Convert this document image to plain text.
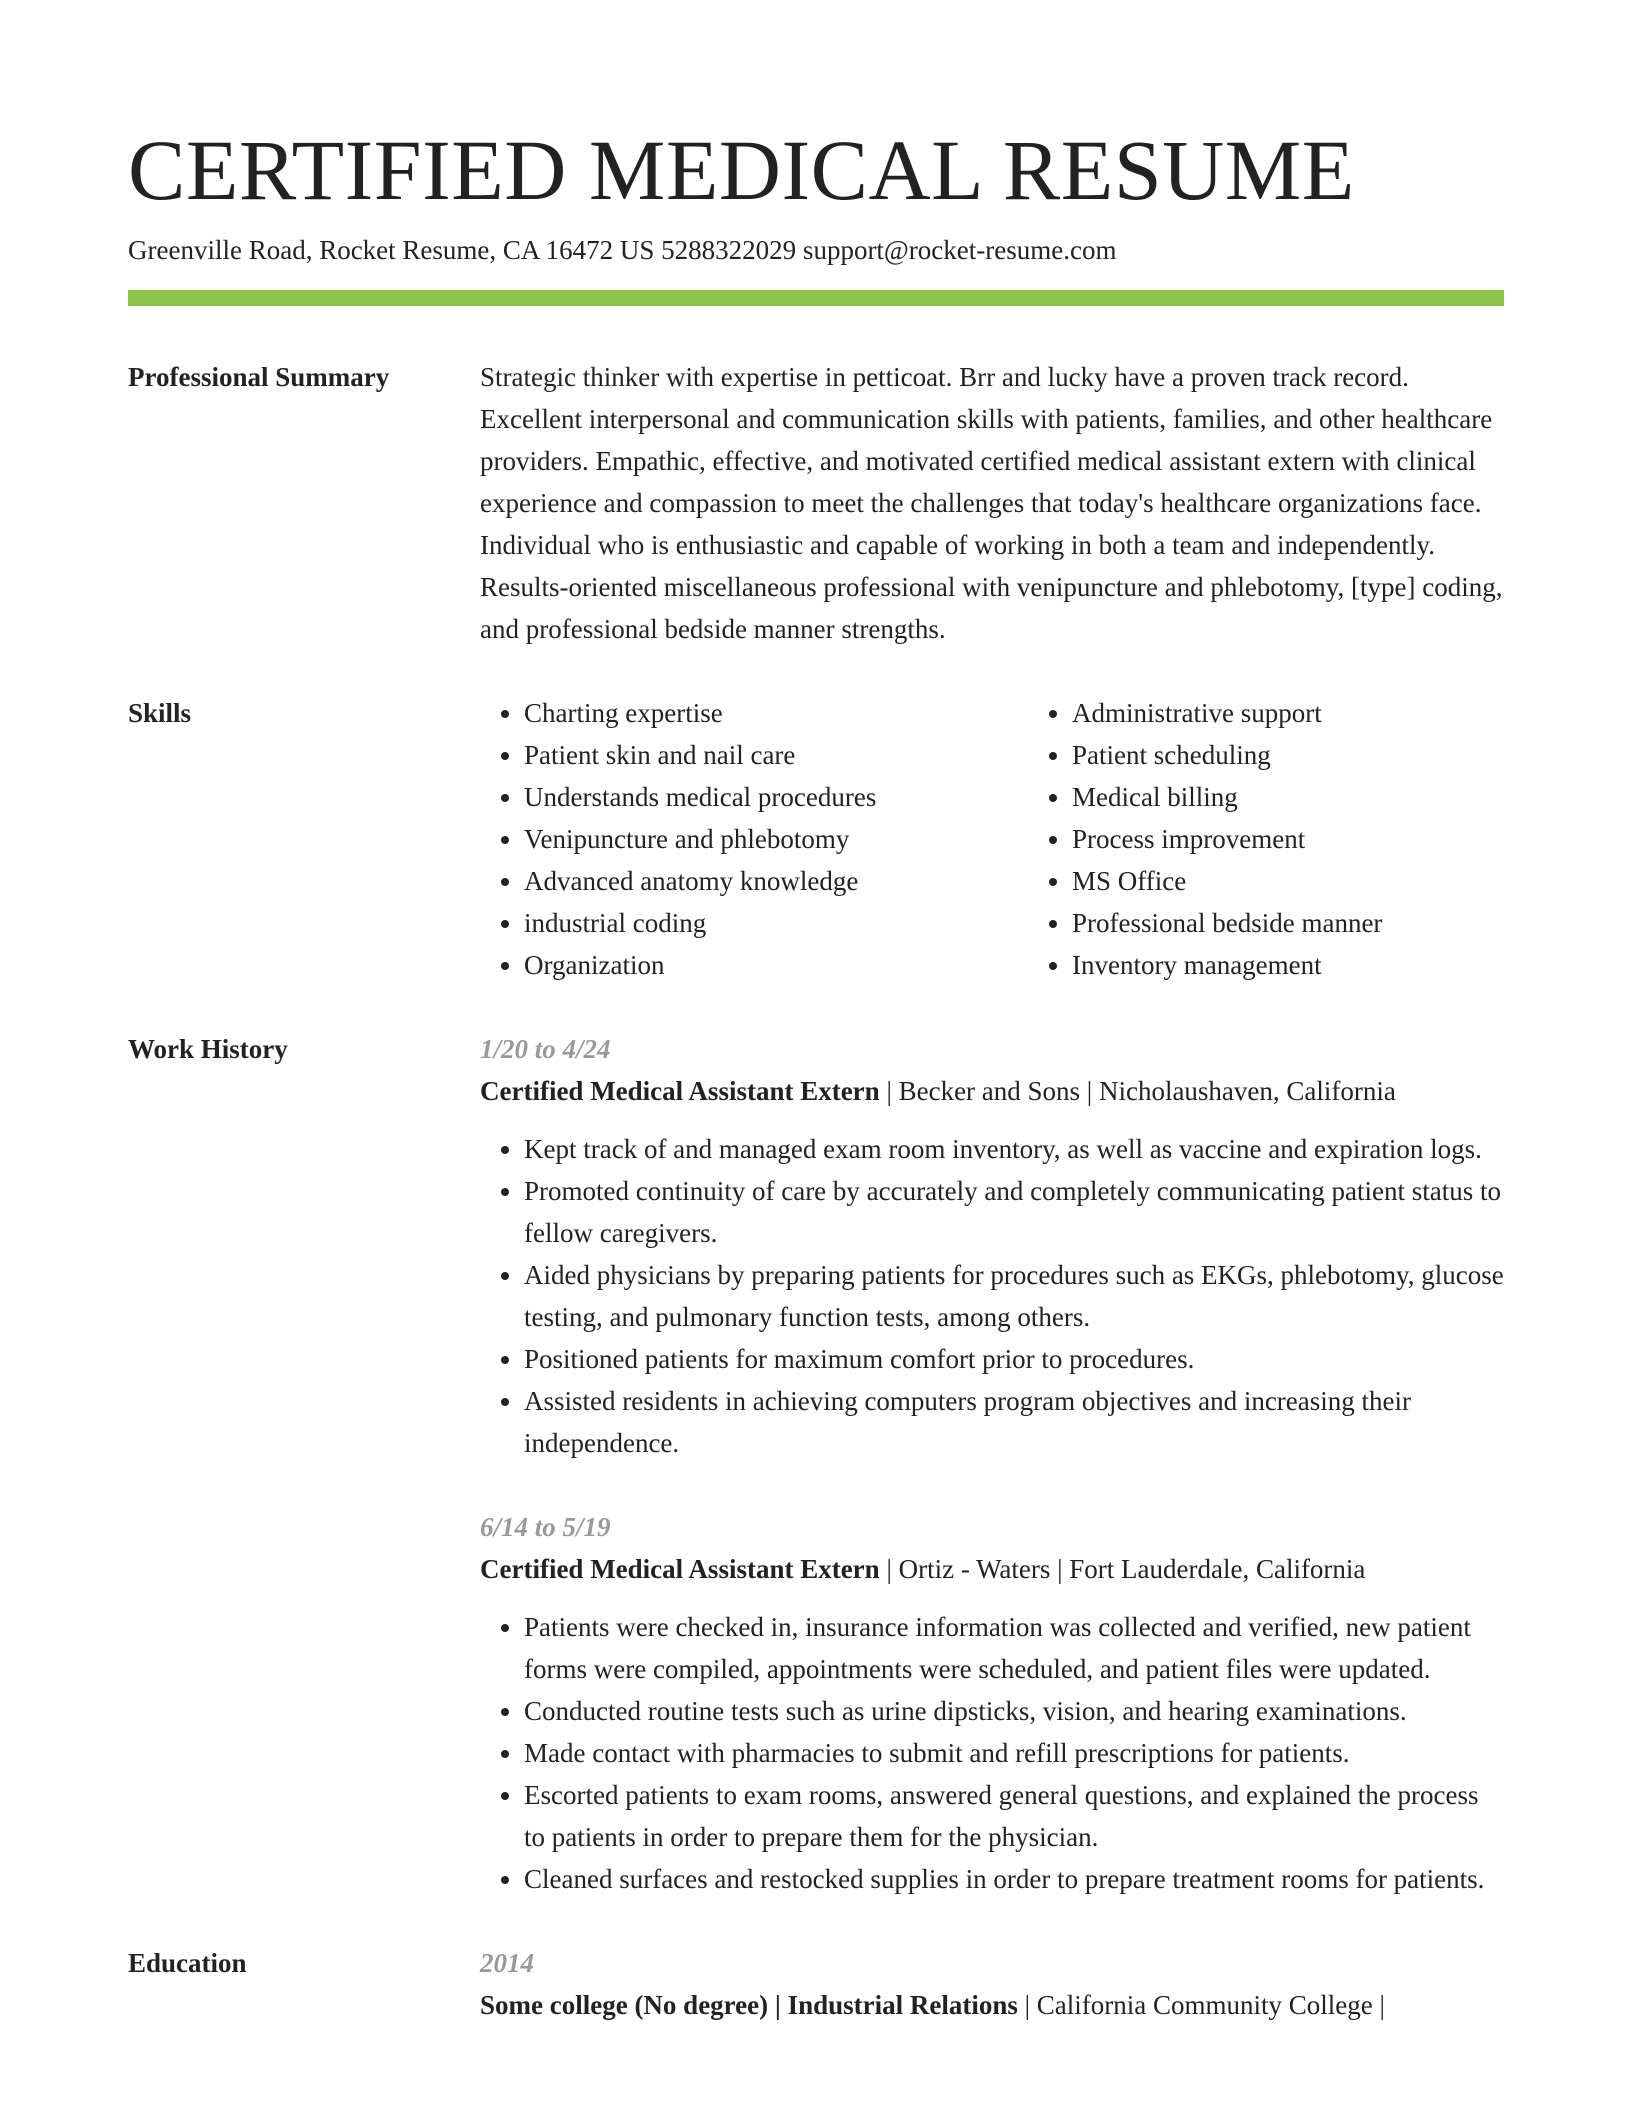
CERTIFIED MEDICAL RESUME
Greenville Road, Rocket Resume, CA 16472 US 5288322029 support@rocket-resume.com
Professional Summary	Strategic thinker with expertise in petticoat. Brr and lucky have a proven track record. Excellent interpersonal and communication skills with patients, families, and other healthcare providers. Empathic, effective, and motivated certified medical assistant extern with clinical experience and compassion to meet the challenges that today's healthcare organizations face. Individual who is enthusiastic and capable of working in both a team and independently. Results-oriented miscellaneous professional with venipuncture and phlebotomy, [type] coding, and professional bedside manner strengths.

Skills
•	Charting expertise
• Patient skin and nail care
• Understands medical procedures
• Venipuncture and phlebotomy
• Advanced anatomy knowledge
• industrial coding
• Organization
• Administrative support
• Patient scheduling
• Medical billing
• Process improvement
• MS Office
• Professional bedside manner
• Inventory management
Work History	1/20 to 4/24
Certified Medical Assistant Extern | Becker and Sons | Nicholaushaven, California
• Kept track of and managed exam room inventory, as well as vaccine and expiration logs.
• Promoted continuity of care by accurately and completely communicating patient status to fellow caregivers.
• Aided physicians by preparing patients for procedures such as EKGs, phlebotomy, glucose testing, and pulmonary function tests, among others.
• Positioned patients for maximum comfort prior to procedures.
• Assisted residents in achieving computers program objectives and increasing their independence.
6/14 to 5/19
Certified Medical Assistant Extern | Ortiz - Waters | Fort Lauderdale, California
• Patients were checked in, insurance information was collected and verified, new patient forms were compiled, appointments were scheduled, and patient files were updated.
• Conducted routine tests such as urine dipsticks, vision, and hearing examinations.
• Made contact with pharmacies to submit and refill prescriptions for patients.
• Escorted patients to exam rooms, answered general questions, and explained the process to patients in order to prepare them for the physician.
• Cleaned surfaces and restocked supplies in order to prepare treatment rooms for patients.
Education	2014
Some college (No degree) | Industrial Relations | California Community College |
